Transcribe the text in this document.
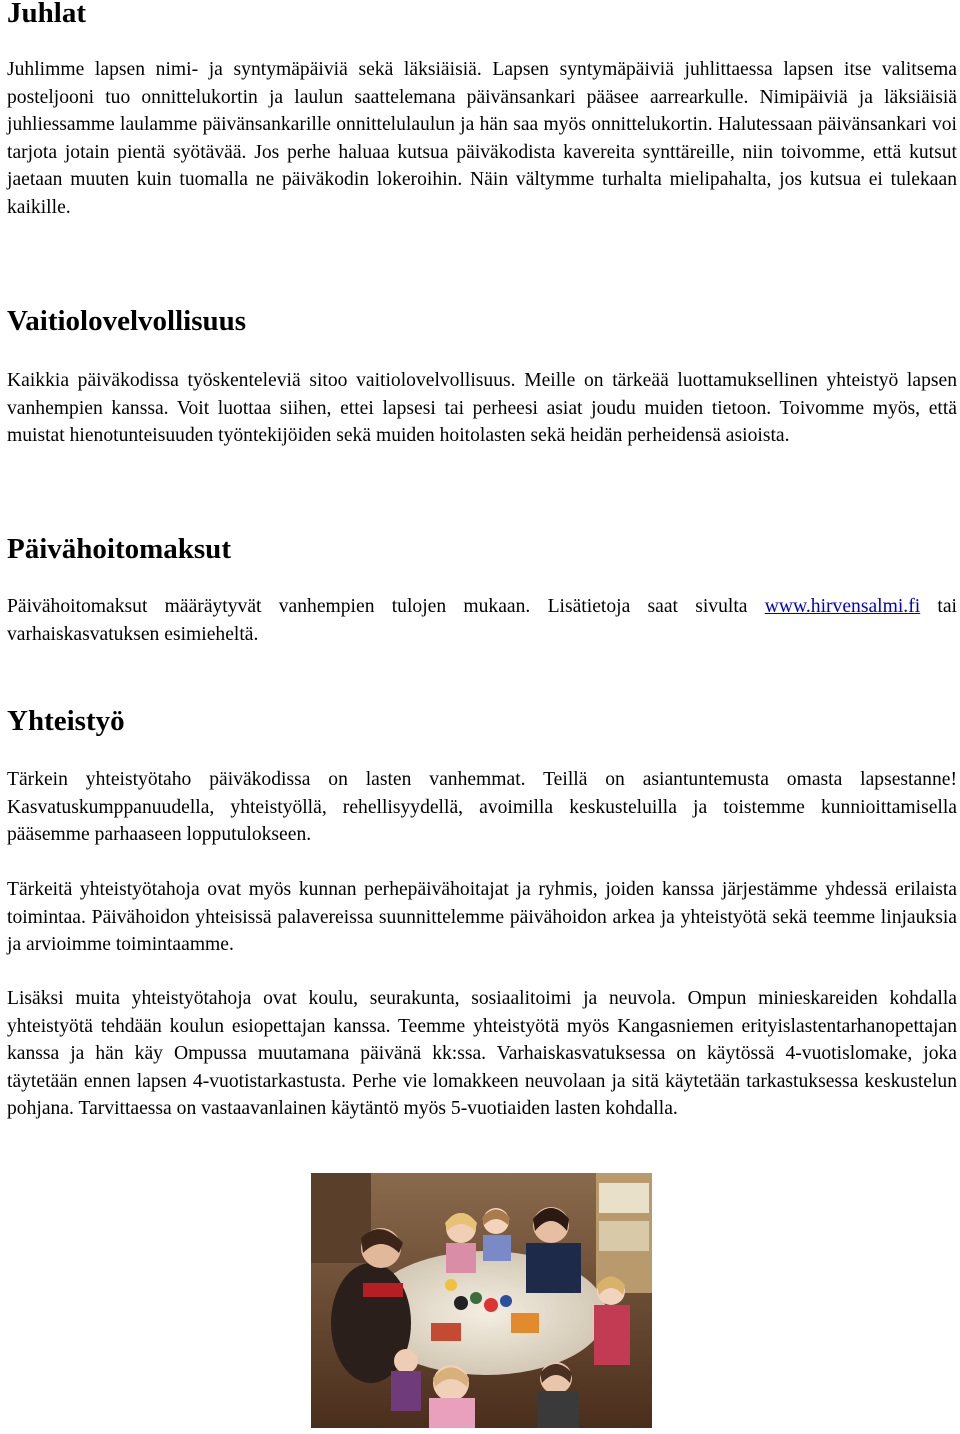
Juhlat

Juhlimme lapsen nimi- ja syntymäpäiviä sekä läksiäisiä. Lapsen syntymäpäiviä juhlittaessa lapsen itse valitsema posteljooni tuo onnittelukortin ja laulun saattelemana päivänsankari pääsee aarrearkulle. Nimipäiviä ja läksiäisiä juhliessamme laulamme päivänsankarille onnittelulaulun ja hän saa myös onnittelukortin. Halutessaan päivänsankari voi tarjota jotain pientä syötävää. Jos perhe haluaa kutsua päiväkodista kavereita synttäreille, niin toivomme, että kutsut jaetaan muuten kuin tuomalla ne päiväkodin lokeroihin. Näin vältymme turhalta mielipahalta, jos kutsua ei tulekaan kaikille.

Vaitiolovelvollisuus

Kaikkia päiväkodissa työskenteleviä sitoo vaitiolovelvollisuus. Meille on tärkeää luottamuksellinen yhteistyö lapsen vanhempien kanssa. Voit luottaa siihen, ettei lapsesi tai perheesi asiat joudu muiden tietoon. Toivomme myös, että muistat hienotunteisuuden työntekijöiden sekä muiden hoitolasten sekä heidän perheidensä asioista.

Päivähoitomaksut

Päivähoitomaksut määräytyvät vanhempien tulojen mukaan. Lisätietoja saat sivulta www.hirvensalmi.fi tai varhaiskasvatuksen esimieheltä.

Yhteistyö

Tärkein yhteistyötaho päiväkodissa on lasten vanhemmat. Teillä on asiantuntemusta omasta lapsestanne! Kasvatuskumppanuudella, yhteistyöllä, rehellisyydellä, avoimilla keskusteluilla ja toistemme kunnioittamisella pääsemme parhaaseen lopputulokseen.

Tärkeitä yhteistyötahoja ovat myös kunnan perhepäivähoitajat ja ryhmis, joiden kanssa järjestämme yhdessä erilaista toimintaa. Päivähoidon yhteisissä palavereissa suunnittelemme päivähoidon arkea ja yhteistyötä sekä teemme linjauksia ja arvioimme toimintaamme.

Lisäksi muita yhteistyötahoja ovat koulu, seurakunta, sosiaalitoimi ja neuvola. Ompun minieskareiden kohdalla yhteistyötä tehdään koulun esiopettajan kanssa. Teemme yhteistyötä myös Kangasniemen erityislastentarhanopettajan kanssa ja hän käy Ompussa muutamana päivänä kk:ssa. Varhaiskasvatuksessa on käytössä 4-vuotislomake, joka täytetään ennen lapsen 4-vuotistarkastusta. Perhe vie lomakkeen neuvolaan ja sitä käytetään tarkastuksessa keskustelun pohjana. Tarvittaessa on vastaavanlainen käytäntö myös 5-vuotiaiden lasten kohdalla.
